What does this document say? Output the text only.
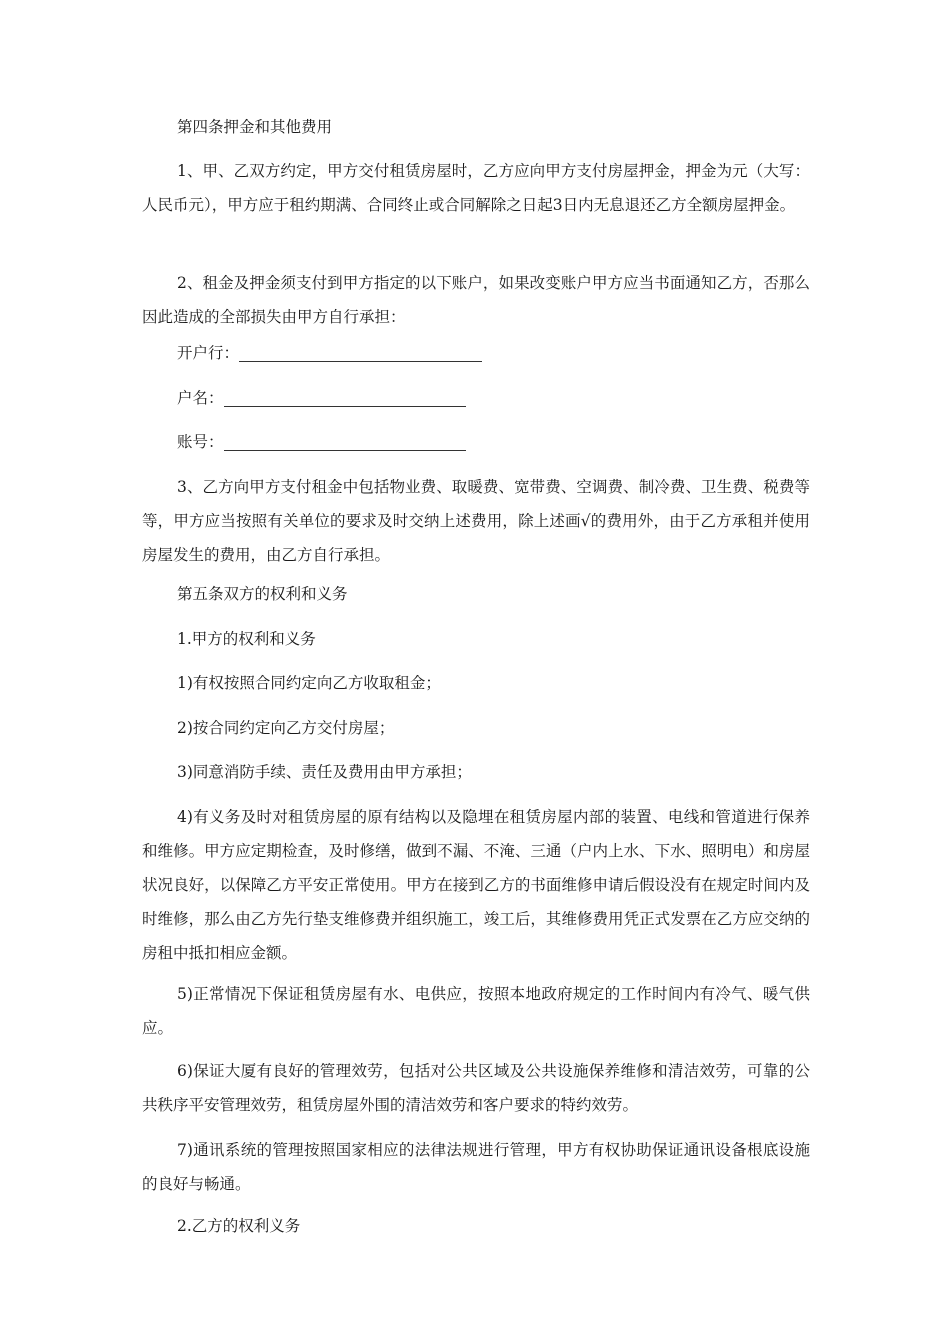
第四条押金和其他费用

1、甲、乙双方约定，甲方交付租赁房屋时，乙方应向甲方支付房屋押金，押金为元（大写：人民币元），甲方应于租约期满、合同终止或合同解除之日起3日内无息退还乙方全额房屋押金。

2、租金及押金须支付到甲方指定的以下账户，如果改变账户甲方应当书面通知乙方，否那么因此造成的全部损失由甲方自行承担：

开户行：
户名：
账号：

3、乙方向甲方支付租金中包括物业费、取暖费、宽带费、空调费、制冷费、卫生费、税费等等，甲方应当按照有关单位的要求及时交纳上述费用，除上述画√的费用外，由于乙方承租并使用房屋发生的费用，由乙方自行承担。

第五条双方的权利和义务

1.甲方的权利和义务

1)有权按照合同约定向乙方收取租金；

2)按合同约定向乙方交付房屋；

3)同意消防手续、责任及费用由甲方承担；

4)有义务及时对租赁房屋的原有结构以及隐埋在租赁房屋内部的装置、电线和管道进行保养和维修。甲方应定期检查，及时修缮，做到不漏、不淹、三通（户内上水、下水、照明电）和房屋状况良好，以保障乙方平安正常使用。甲方在接到乙方的书面维修申请后假设没有在规定时间内及时维修，那么由乙方先行垫支维修费并组织施工，竣工后，其维修费用凭正式发票在乙方应交纳的房租中抵扣相应金额。

5)正常情况下保证租赁房屋有水、电供应，按照本地政府规定的工作时间内有冷气、暖气供应。

6)保证大厦有良好的管理效劳，包括对公共区域及公共设施保养维修和清洁效劳，可靠的公共秩序平安管理效劳，租赁房屋外围的清洁效劳和客户要求的特约效劳。

7)通讯系统的管理按照国家相应的法律法规进行管理，甲方有权协助保证通讯设备根底设施的良好与畅通。

2.乙方的权利义务
